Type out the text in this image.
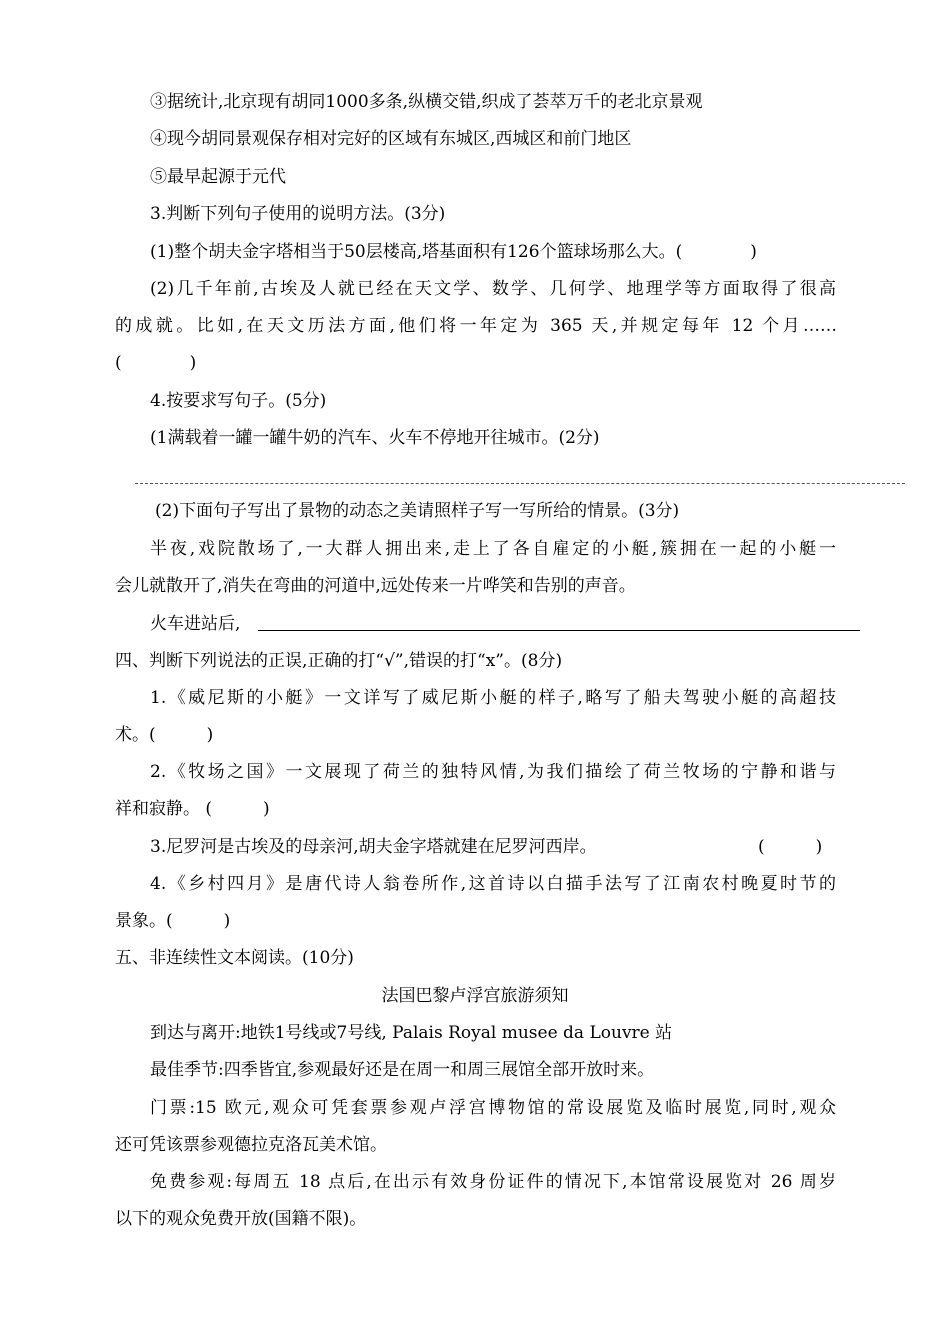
③据统计,北京现有胡同1000多条,纵横交错,织成了荟萃万千的老北京景观
④现今胡同景观保存相对完好的区域有东城区,西城区和前门地区
⑤最早起源于元代
3.判断下列句子使用的说明方法。(3分)
(1)整个胡夫金字塔相当于50层楼高,塔基面积有126个篮球场那么大。(　　　　)
(2)几千年前,古埃及人就已经在天文学、数学、几何学、地理学等方面取得了很高
的成就。比如,在天文历法方面,他们将一年定为 365 天,并规定每年 12 个月……
(　　　　)
4.按要求写句子。(5分)
(1满载着一罐一罐牛奶的汽车、火车不停地开往城市。(2分)
(2)下面句子写出了景物的动态之美请照样子写一写所给的情景。(3分)
半夜,戏院散场了,一大群人拥出来,走上了各自雇定的小艇,簇拥在一起的小艇一
会儿就散开了,消失在弯曲的河道中,远处传来一片哗笑和告别的声音。
火车进站后,
四、判断下列说法的正误,正确的打“√”,错误的打“x”。(8分)
1.《威尼斯的小艇》一文详写了威尼斯小艇的样子,略写了船夫驾驶小艇的高超技
术。(　　　)
2.《牧场之国》一文展现了荷兰的独特风情,为我们描绘了荷兰牧场的宁静和谐与
祥和寂静。 (　　　)
3.尼罗河是古埃及的母亲河,胡夫金字塔就建在尼罗河西岸。	(　　　)
4.《乡村四月》是唐代诗人翁卷所作,这首诗以白描手法写了江南农村晚夏时节的
景象。(　　　)
五、非连续性文本阅读。(10分)
法国巴黎卢浮宫旅游须知
到达与离开:地铁1号线或7号线, Palais Royal musee da Louvre 站
最佳季节:四季皆宜,参观最好还是在周一和周三展馆全部开放时来。
门票:15 欧元,观众可凭套票参观卢浮宫博物馆的常设展览及临时展览,同时,观众
还可凭该票参观德拉克洛瓦美术馆。
免费参观:每周五 18 点后,在出示有效身份证件的情况下,本馆常设展览对 26 周岁
以下的观众免费开放(国籍不限)。
